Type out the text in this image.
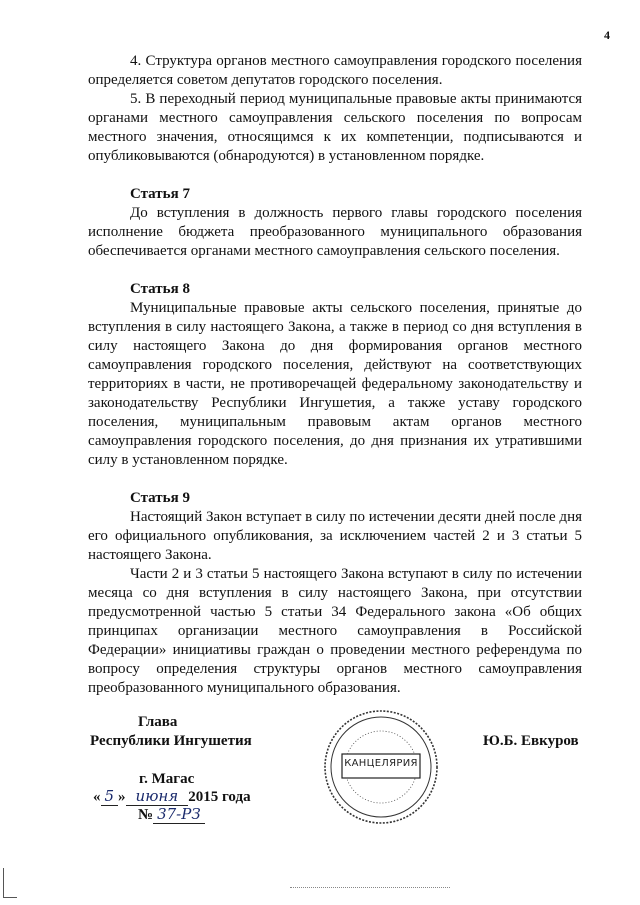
4

4. Структура органов местного самоуправления городского поселения определяется советом депутатов городского поселения.

5. В переходный период муниципальные правовые акты принимаются органами местного самоуправления сельского поселения по вопросам местного значения, относящимся к их компетенции, подписываются и опубликовываются (обнародуются) в установленном порядке.

Статья 7

До вступления в должность первого главы городского поселения исполнение бюджета преобразованного муниципального образования обеспечивается органами местного самоуправления сельского поселения.

Статья 8

Муниципальные правовые акты сельского поселения, принятые до вступления в силу настоящего Закона, а также в период со дня вступления в силу настоящего Закона до дня формирования органов местного самоуправления городского поселения, действуют на соответствующих территориях в части, не противоречащей федеральному законодательству и законодательству Республики Ингушетия, а также уставу городского поселения, муниципальным правовым актам органов местного самоуправления городского поселения, до дня признания их утратившими силу в установленном порядке.

Статья 9

Настоящий Закон вступает в силу по истечении десяти дней после дня его официального опубликования, за исключением частей 2 и 3 статьи 5 настоящего Закона.

Части 2 и 3 статьи 5 настоящего Закона вступают в силу по истечении месяца со дня вступления в силу настоящего Закона, при отсутствии предусмотренной частью 5 статьи 34 Федерального закона «Об общих принципах организации местного самоуправления в Российской Федерации» инициативы граждан о проведении местного референдума по вопросу определения структуры органов местного самоуправления преобразованного муниципального образования.

Глава
Республики Ингушетия	Ю.Б. Евкуров
г. Магас
« 5 » июня 2015 года
№ 37-РЗ
КАНЦЕЛЯРИЯ
